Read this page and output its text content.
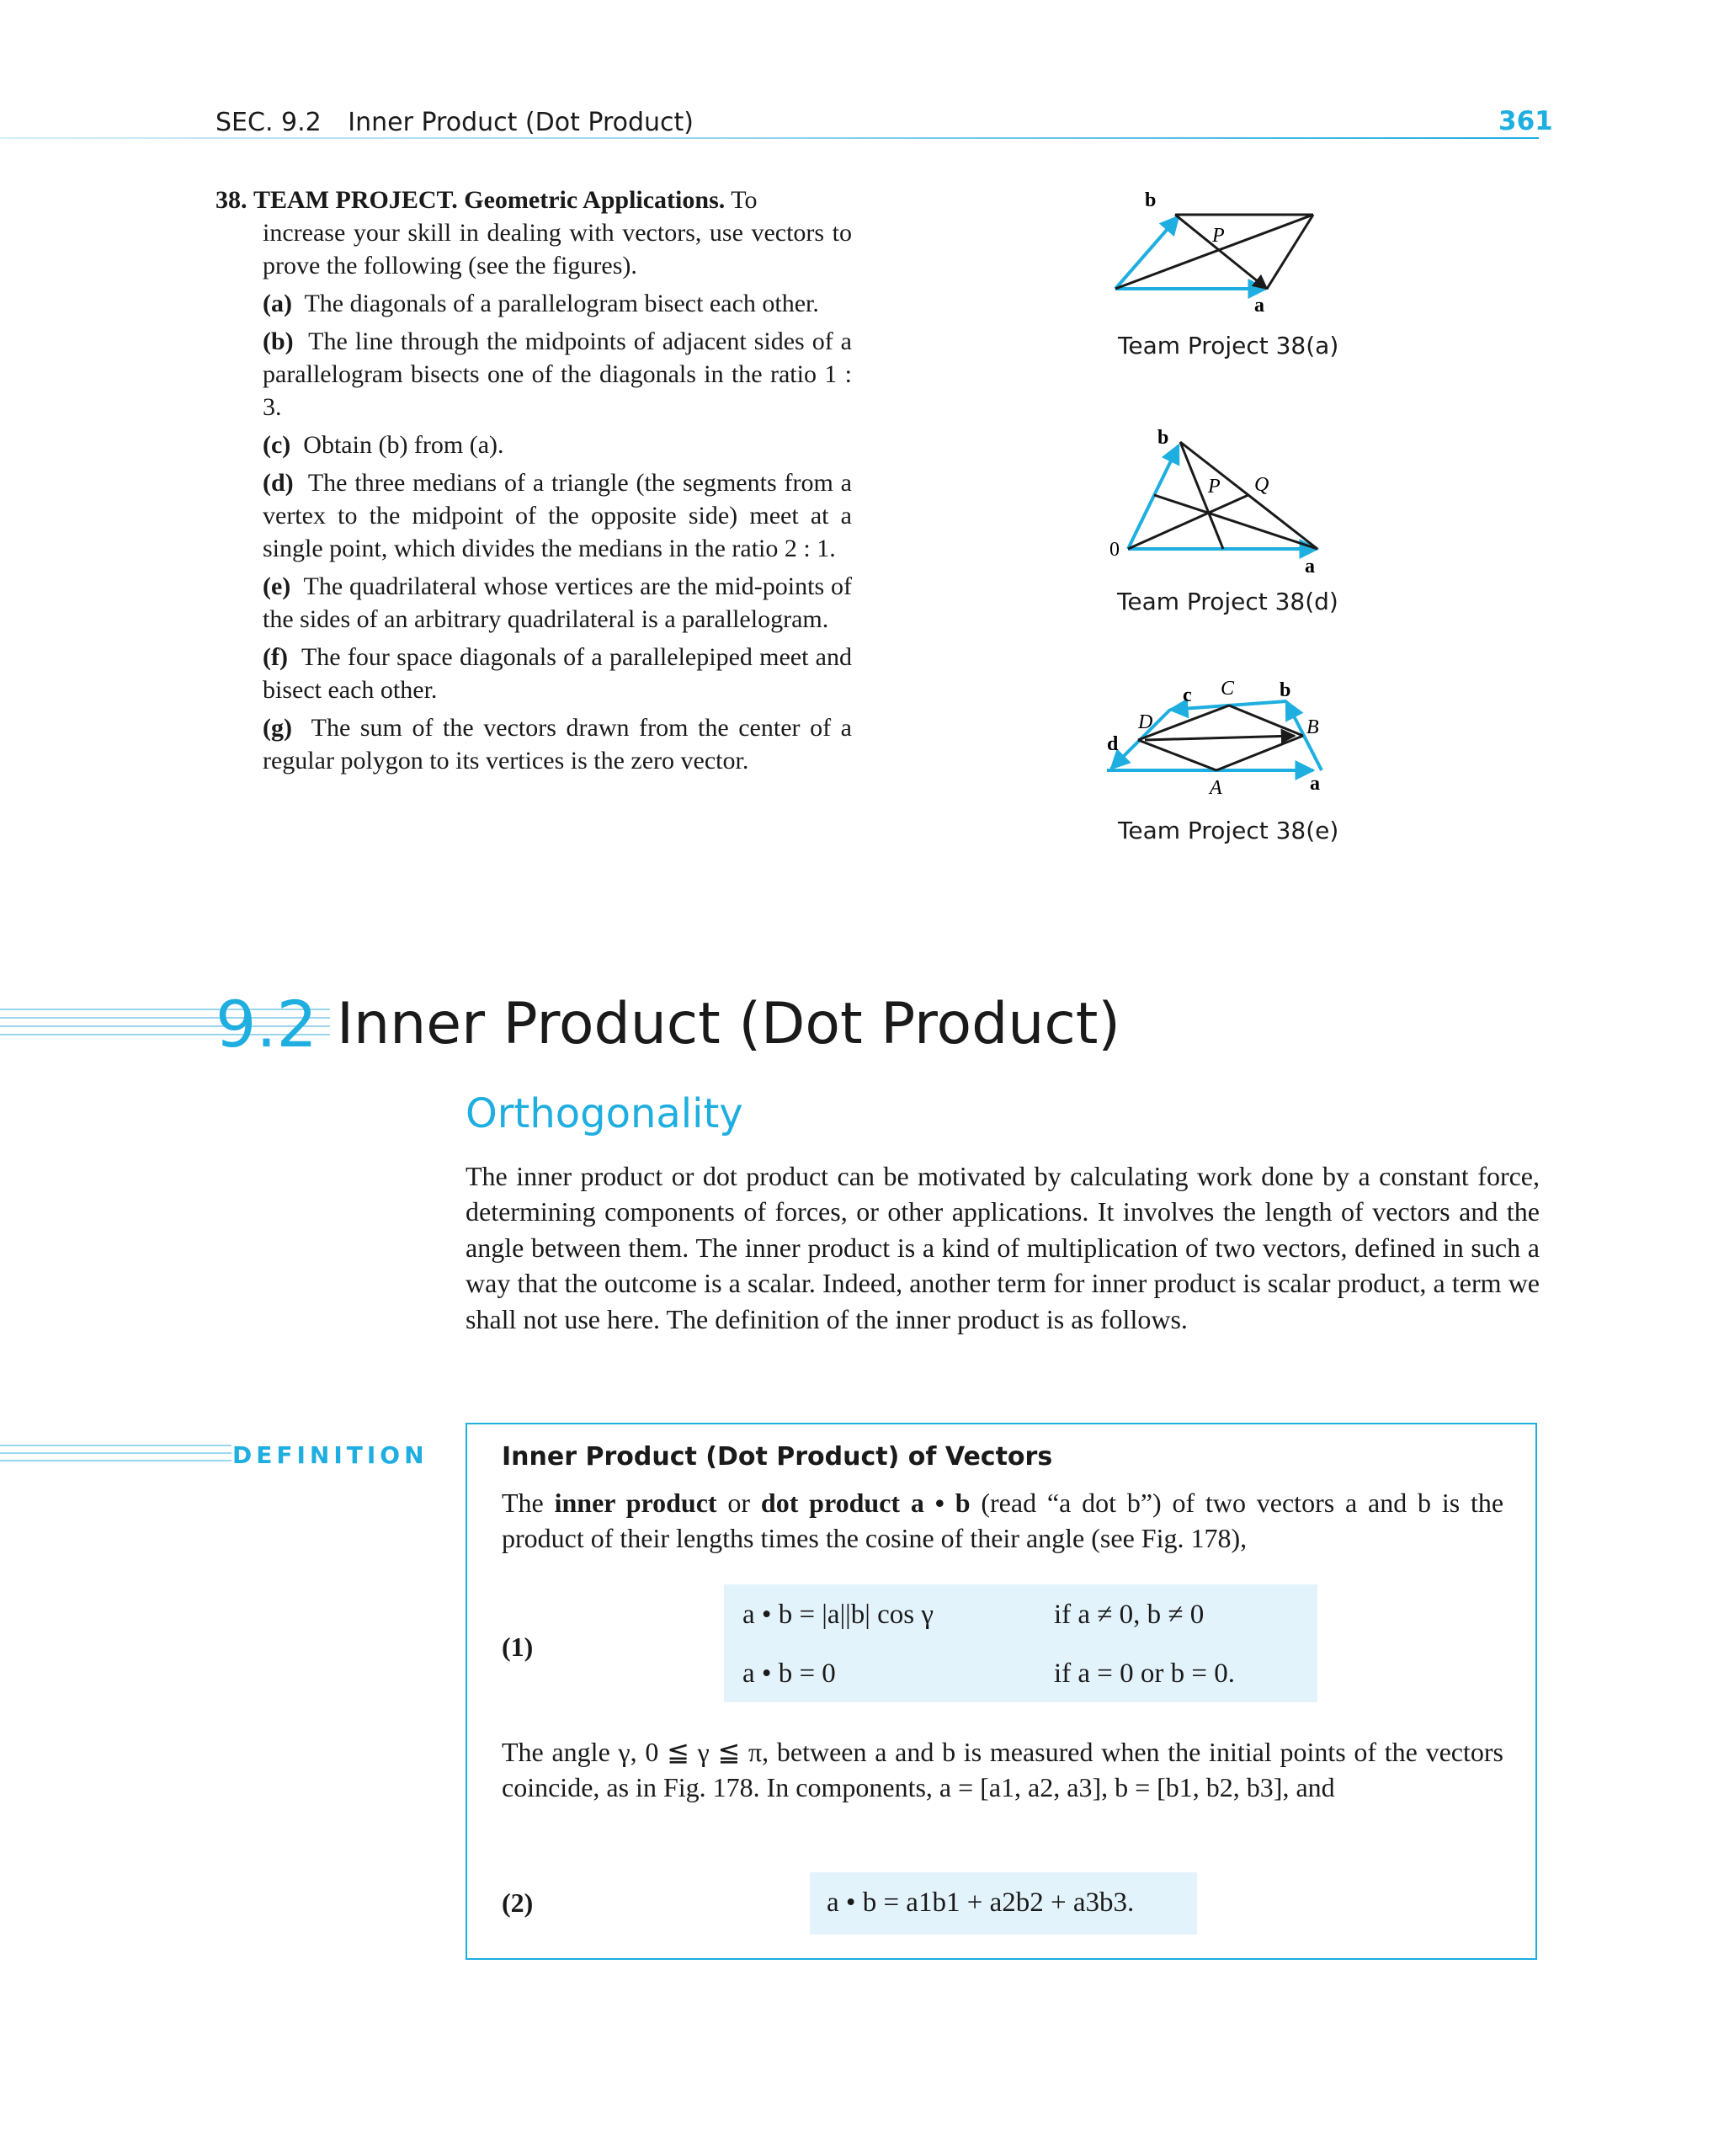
SEC. 9.2 Inner Product (Dot Product)	361
38. TEAM PROJECT. Geometric Applications. To
increase your skill in dealing with vectors, use vectors to prove the following (see the figures).
(a) The diagonals of a parallelogram bisect each other.
(b) The line through the midpoints of adjacent sides of a parallelogram bisects one of the diagonals in the ratio 1 : 3.
(c) Obtain (b) from (a).
(d) The three medians of a triangle (the segments from a vertex to the midpoint of the opposite side) meet at a single point, which divides the medians in the ratio 2 : 1.
(e) The quadrilateral whose vertices are the mid-points of the sides of an arbitrary quadrilateral is a parallelogram.
(f) The four space diagonals of a parallelepiped meet and bisect each other.
(g) The sum of the vectors drawn from the center of a regular polygon to its vertices is the zero vector.
b
P
a
Team Project 38(a)
b
P Q
0
a
Team Project 38(d)
c C b
D	B
d
A	a
Team Project 38(e)
9.2 Inner Product (Dot Product)
Orthogonality
The inner product or dot product can be motivated by calculating work done by a constant force, determining components of forces, or other applications. It involves the length of vectors and the angle between them. The inner product is a kind of multiplication of two vectors, defined in such a way that the outcome is a scalar. Indeed, another term for inner product is scalar product, a term we shall not use here. The definition of the inner product is as follows.
DEFINITION	Inner Product (Dot Product) of Vectors
The inner product or dot product a • b (read “a dot b”) of two vectors a and b is the product of their lengths times the cosine of their angle (see Fig. 178),
(1)
a • b = |a||b| cos γ	if a ≠ 0, b ≠ 0
a • b = 0	if a = 0 or b = 0.
The angle γ, 0 ≦ γ ≦ π, between a and b is measured when the initial points of the vectors coincide, as in Fig. 178. In components, a = [a1, a2, a3], b = [b1, b2, b3], and
(2)	a • b = a1b1 + a2b2 + a3b3.
